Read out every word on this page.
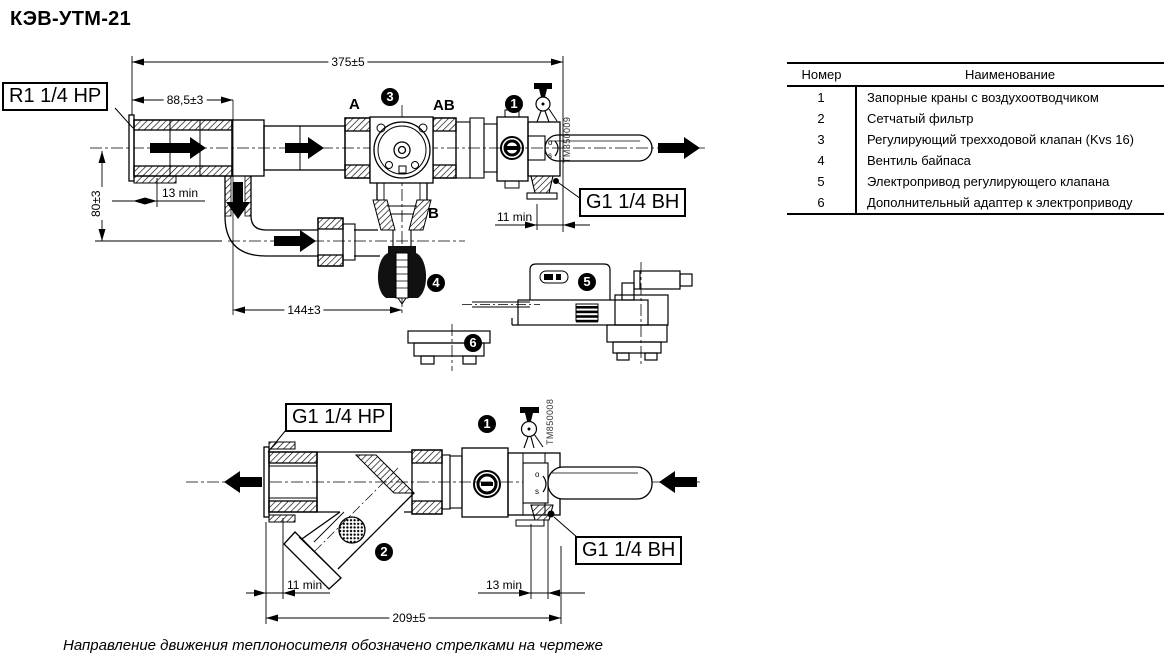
КЭВ-УТМ-21
R1 1/4 НР
G1 1/4 ВН
375±5
88,5±3
80±3	13 min
144±3
11 min
A	AB
B
3	1
4	5
6
TM850009
o
s
G1 1/4 НР
G1 1/4 ВН
1
2
TM850008
11 min	13 min
209±5
o
s
Номер	Наименование
1	Запорные краны с воздухоотводчиком
2	Сетчатый фильтр
3	Регулирующий трехходовой клапан (Kvs 16)
4	Вентиль байпаса
5	Электропривод регулирующего клапана
6	Дополнительный адаптер к электроприводу
Направление движения теплоносителя обозначено стрелками на чертеже
